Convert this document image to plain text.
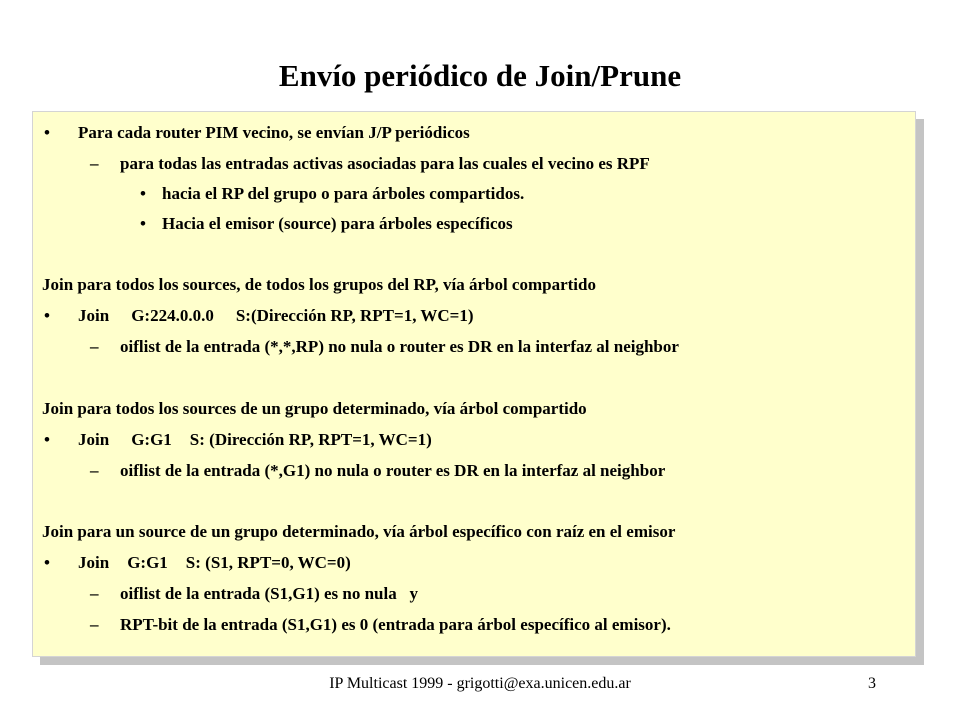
Envío periódico de Join/Prune
• Para cada router PIM vecino, se envían J/P periódicos
– para todas las entradas activas asociadas para las cuales el vecino es RPF
• hacia el RP del grupo o para árboles compartidos.
• Hacia el emisor (source) para árboles específicos
Join para todos los sources, de todos los grupos del RP, vía árbol compartido
• Join G:224.0.0.0 S:(Dirección RP, RPT=1, WC=1)
– oiflist de la entrada (*,*,RP) no nula o router es DR en la interfaz al neighbor
Join para todos los sources de un grupo determinado, vía árbol compartido
• Join G:G1 S: (Dirección RP, RPT=1, WC=1)
– oiflist de la entrada (*,G1) no nula o router es DR en la interfaz al neighbor
Join para un source de un grupo determinado, vía árbol específico con raíz en el emisor
• Join G:G1 S: (S1, RPT=0, WC=0)
– oiflist de la entrada (S1,G1) es no nula   y
– RPT-bit de la entrada (S1,G1) es 0 (entrada para árbol específico al emisor).
IP Multicast 1999 - grigotti@exa.unicen.edu.ar	3
